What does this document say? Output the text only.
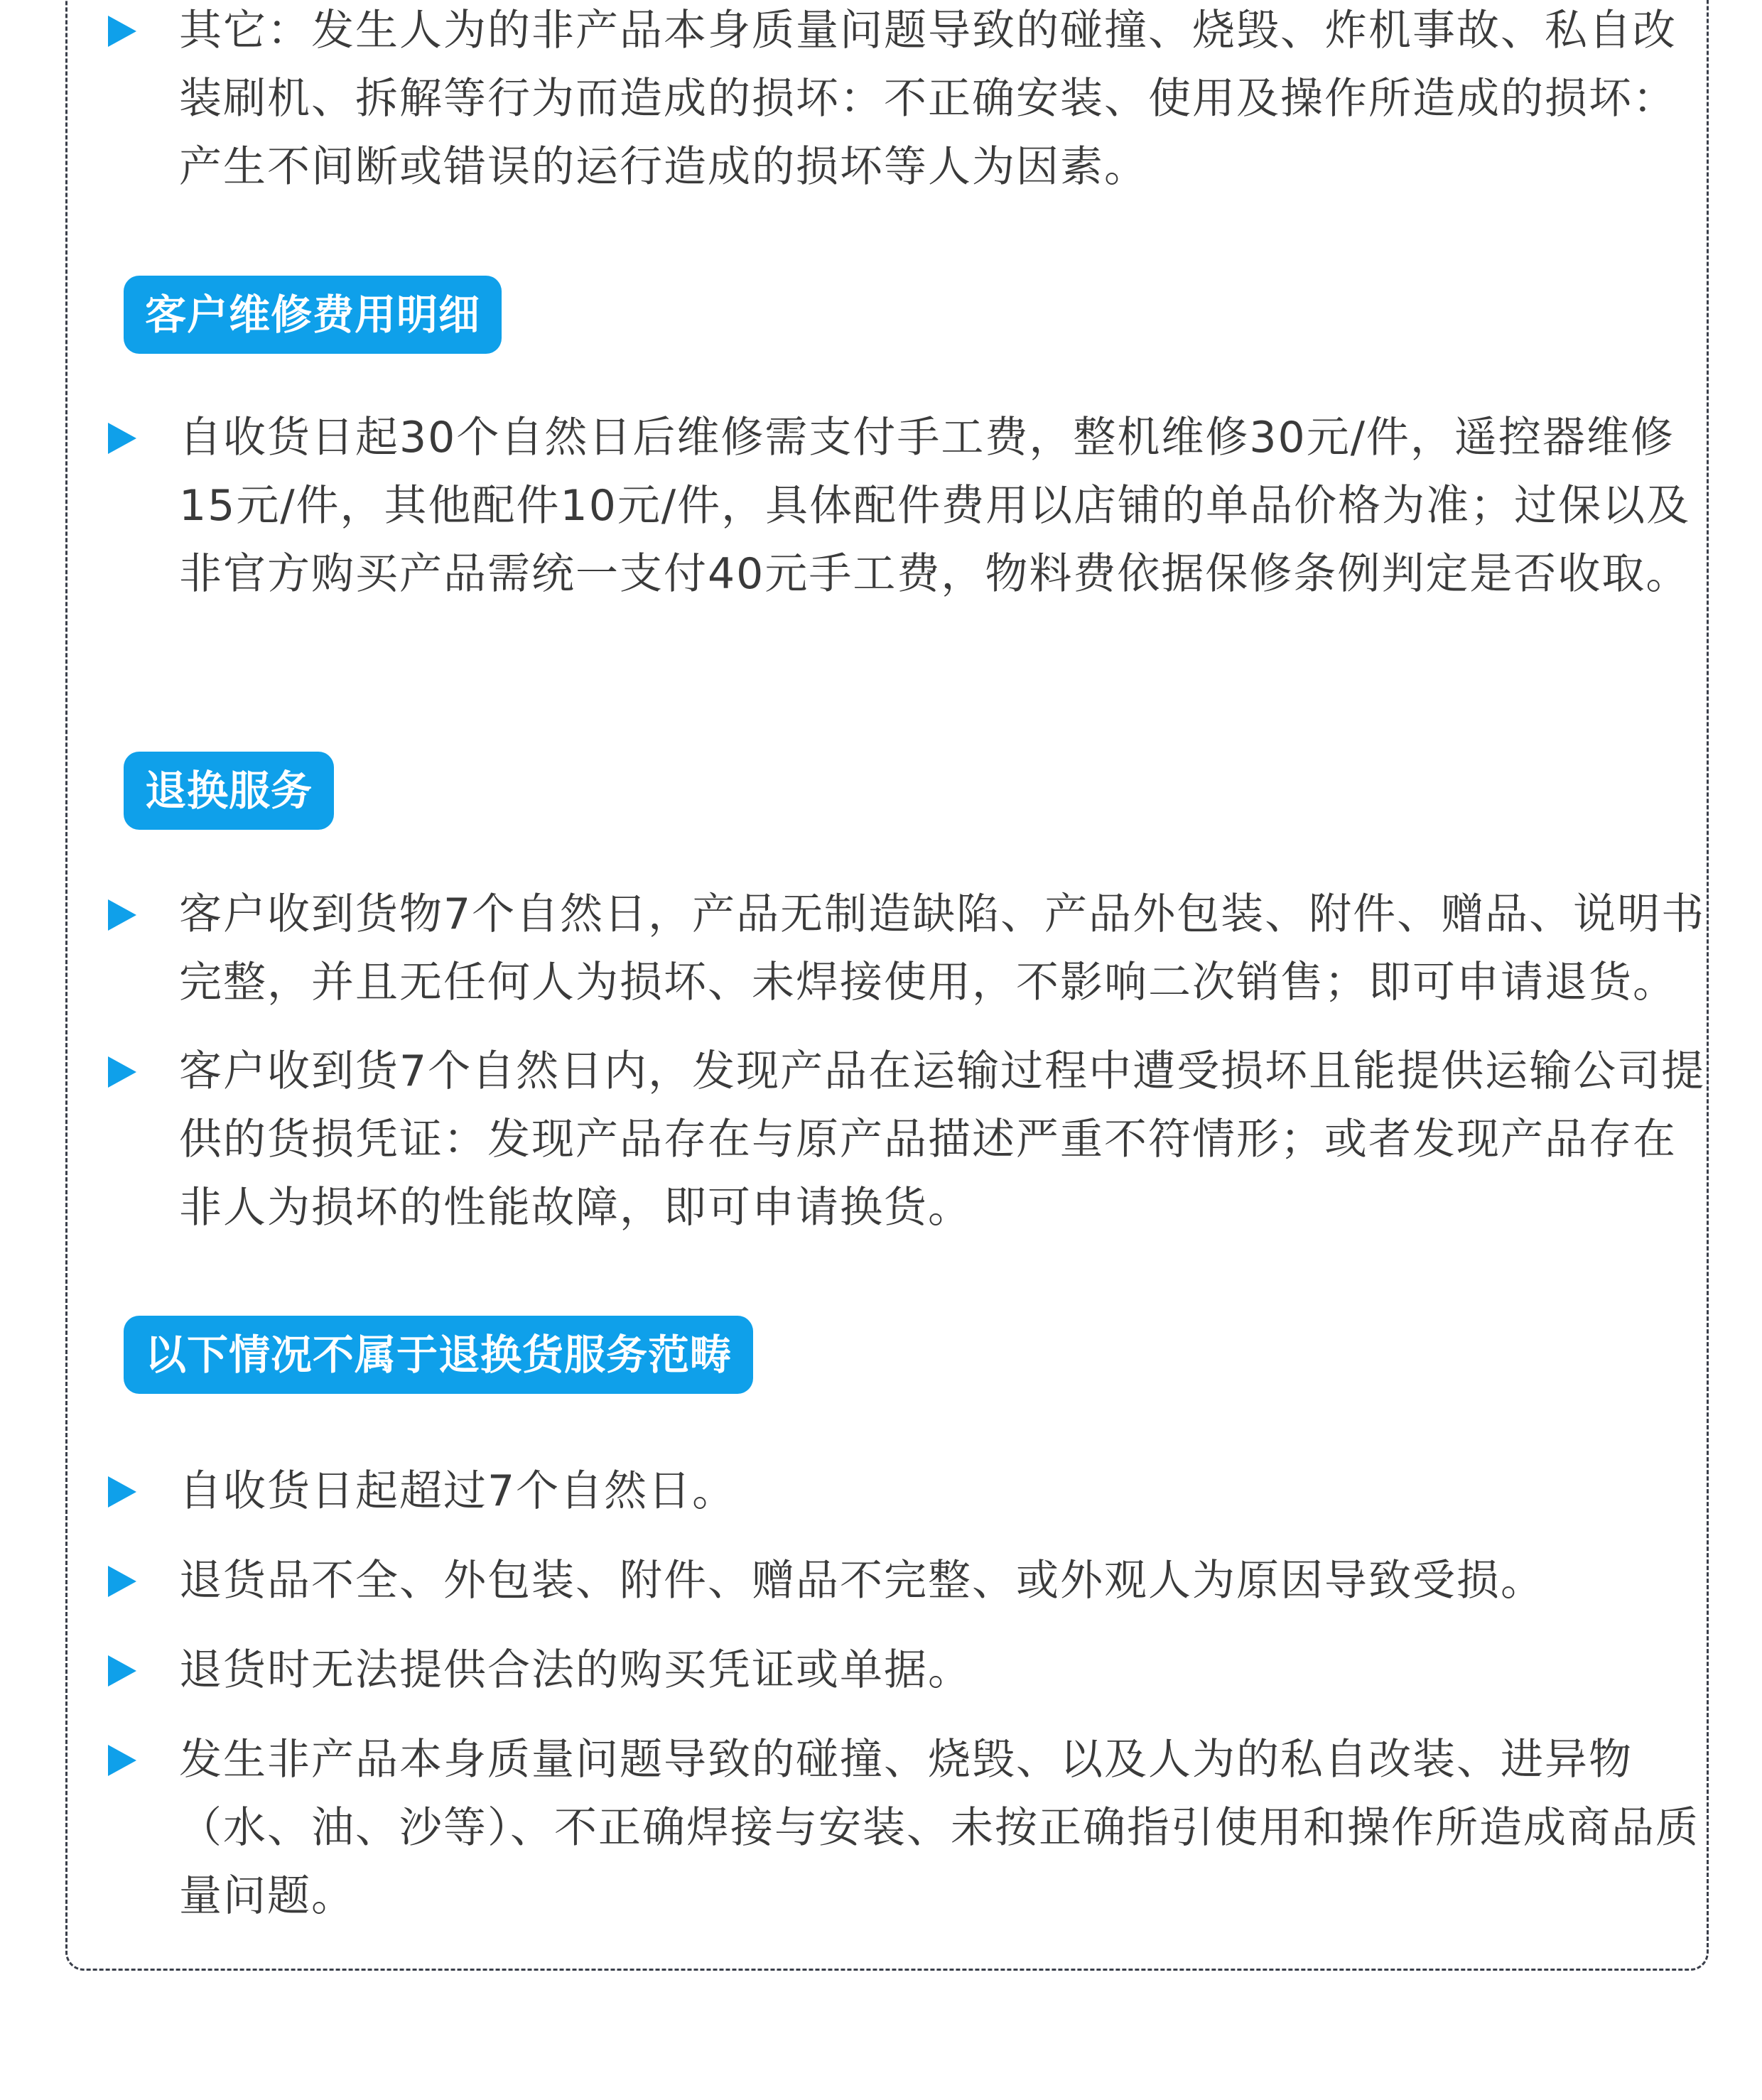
其它：发生人为的非产品本身质量问题导致的碰撞、烧毁、炸机事故、私自改装刷机、拆解等行为而造成的损坏：不正确安装、使用及操作所造成的损坏：产生不间断或错误的运行造成的损坏等人为因素。
客户维修费用明细
自收货日起30个自然日后维修需支付手工费，整机维修30元/件，遥控器维修15元/件，其他配件10元/件，具体配件费用以店铺的单品价格为准；过保以及非官方购买产品需统一支付40元手工费，物料费依据保修条例判定是否收取。
退换服务
客户收到货物7个自然日，产品无制造缺陷、产品外包装、附件、赠品、说明书完整，并且无任何人为损坏、未焊接使用，不影响二次销售；即可申请退货。
客户收到货7个自然日内，发现产品在运输过程中遭受损坏且能提供运输公司提供的货损凭证：发现产品存在与原产品描述严重不符情形；或者发现产品存在非人为损坏的性能故障，即可申请换货。
以下情况不属于退换货服务范畴
自收货日起超过7个自然日。
退货品不全、外包装、附件、赠品不完整、或外观人为原因导致受损。
退货时无法提供合法的购买凭证或单据。
发生非产品本身质量问题导致的碰撞、烧毁、以及人为的私自改装、进异物（水、油、沙等）、不正确焊接与安装、未按正确指引使用和操作所造成商品质量问题。
